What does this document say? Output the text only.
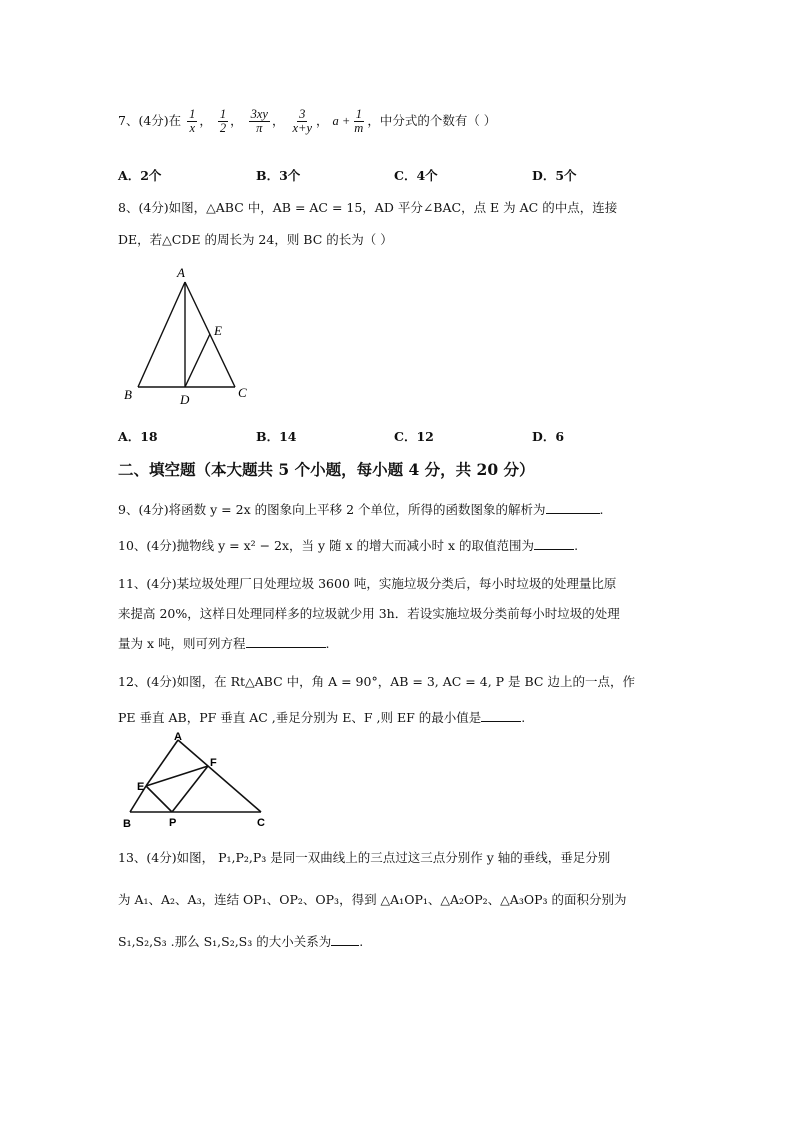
7、(4分)在 $\frac{1}{x}$ ， $\frac{1}{2}$ ， $\frac{3xy}{\pi}$ ， $\frac{3}{x+y}$ ， $a + \frac{1}{m}$ ，中分式的个数有（ ）
A．2个	B．3个	C．4个	D．5个
8、(4分)如图，△ABC 中，AB = AC = 15，AD 平分∠BAC，点 E 为 AC 的中点，连接
DE，若△CDE 的周长为 24，则 BC 的长为（ ）
A
B	C
D
E
A．18	B．14	C．12	D．6
二、填空题（本大题共 5 个小题，每小题 4 分，共 20 分）
9、(4分)将函数 y = 2x 的图象向上平移 2 个单位，所得的函数图象的解析为	.
10、(4分)抛物线 y = x² − 2x，当 y 随 x 的增大而减小时 x 的取值范围为	.
11、(4分)某垃圾处理厂日处理垃圾 3600 吨，实施垃圾分类后，每小时垃圾的处理量比原
来提高 20%，这样日处理同样多的垃圾就少用 3h．若设实施垃圾分类前每小时垃圾的处理
量为 x 吨，则可列方程	.
12、(4分)如图，在 Rt△ABC 中，角 A = 90°，AB = 3, AC = 4, P 是 BC 边上的一点，作
PE 垂直 AB，PF 垂直 AC ,垂足分别为 E、F ,则 EF 的最小值是	.
A
B	C
E
F
P
13、(4分)如图， P₁,P₂,P₃ 是同一双曲线上的三点过这三点分别作 y 轴的垂线，垂足分别
为 A₁、A₂、A₃，连结 OP₁、OP₂、OP₃，得到 △A₁OP₁、△A₂OP₂、△A₃OP₃ 的面积分别为
S₁,S₂,S₃ .那么 S₁,S₂,S₃ 的大小关系为 .
